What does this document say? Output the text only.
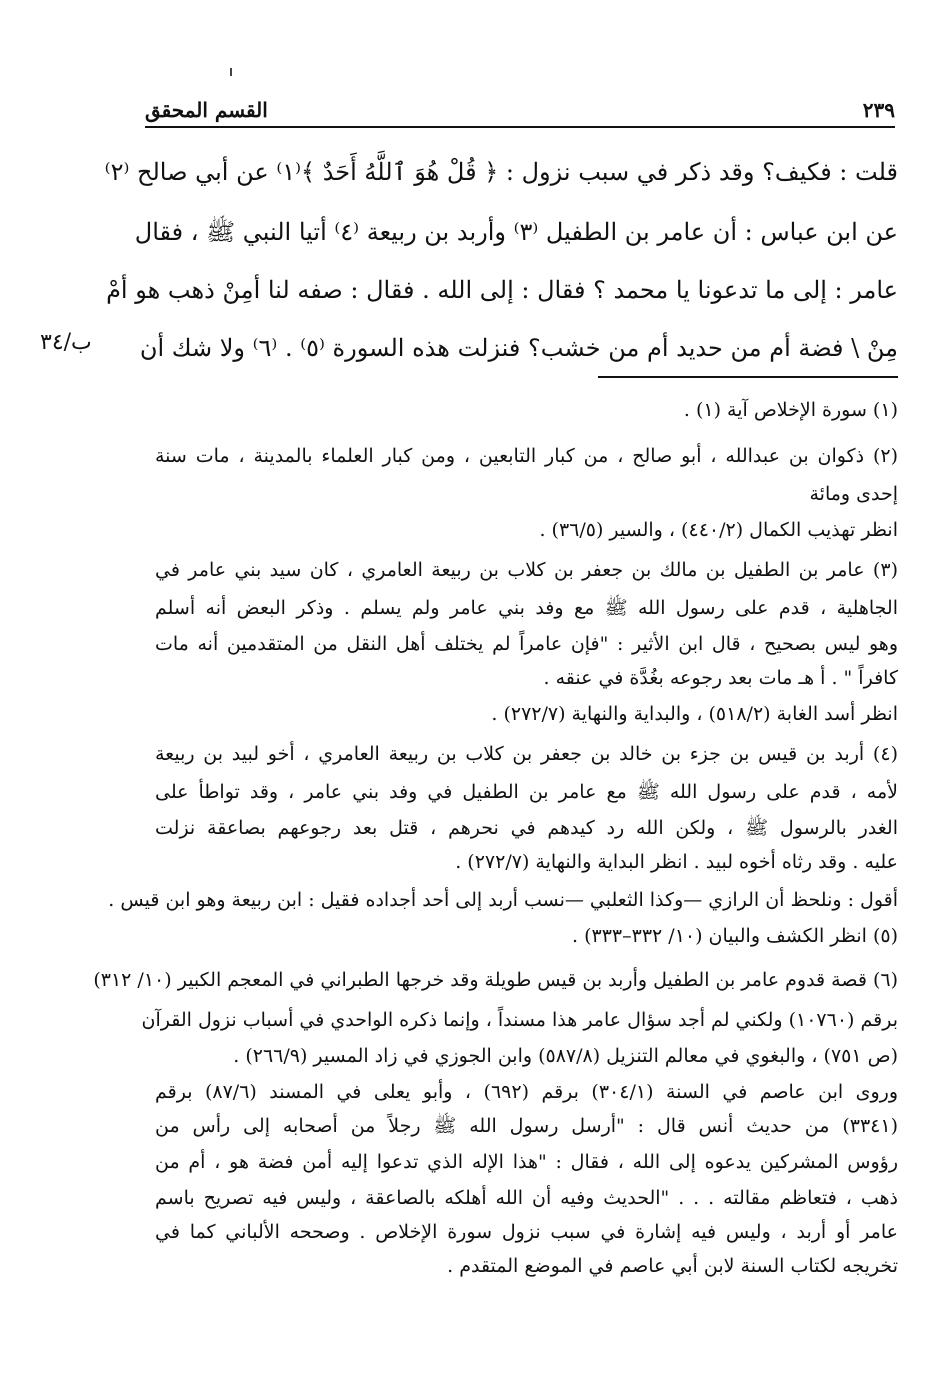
القسم المحقق	٢٣٩
قلت : فكيف؟ وقد ذكر في سبب نزول : ﴿ قُلْ هُوَ ٱللَّهُ أَحَدٌ ﴾⁽١⁾ عن أبي صالح ⁽٢⁾
عن ابن عباس : أن عامر بن الطفيل ⁽٣⁾ وأربد بن ربيعة ⁽٤⁾ أتيا النبي ﷺ ، فقال
عامر : إلى ما تدعونا يا محمد ؟ فقال : إلى الله . فقال : صفه لنا أمِنْ ذهب هو أمْ
مِنْ \ فضة أم من حديد أم من خشب؟ فنزلت هذه السورة ⁽٥⁾ . ⁽٦⁾ ولا شك أن
ب/٣٤
(١) سورة الإخلاص آية (١) .
(٢) ذكوان بن عبدالله ، أبو صالح ، من كبار التابعين ، ومن كبار العلماء بالمدينة ، مات سنة
إحدى ومائة
انظر تهذيب الكمال (٤٤٠/٢) ، والسير (٣٦/٥) .
(٣) عامر بن الطفيل بن مالك بن جعفر بن كلاب بن ربيعة العامري ، كان سيد بني عامر في
الجاهلية ، قدم على رسول الله ﷺ مع وفد بني عامر ولم يسلم . وذكر البعض أنه أسلم
وهو ليس بصحيح ، قال ابن الأثير : "فإن عامراً لم يختلف أهل النقل من المتقدمين أنه مات
كافراً " . أ هـ مات بعد رجوعه بغُدَّة في عنقه .
انظر أسد الغابة (٥١٨/٢) ، والبداية والنهاية (٢٧٢/٧) .
(٤) أربد بن قيس بن جزء بن خالد بن جعفر بن كلاب بن ربيعة العامري ، أخو لبيد بن ربيعة
لأمه ، قدم على رسول الله ﷺ مع عامر بن الطفيل في وفد بني عامر ، وقد تواطأ على
الغدر بالرسول ﷺ ، ولكن الله رد كيدهم في نحرهم ، قتل بعد رجوعهم بصاعقة نزلت
عليه . وقد رثاه أخوه لبيد . انظر البداية والنهاية (٢٧٢/٧) .
أقول : ونلحظ أن الرازي —وكذا الثعلبي —نسب أربد إلى أحد أجداده فقيل : ابن ربيعة وهو ابن قيس .
(٥) انظر الكشف والبيان (١٠/ ٣٣٢–٣٣٣) .
(٦) قصة قدوم عامر بن الطفيل وأربد بن قيس طويلة وقد خرجها الطبراني في المعجم الكبير (١٠/ ٣١٢)
برقم (١٠٧٦٠) ولكني لم أجد سؤال عامر هذا مسنداً ، وإنما ذكره الواحدي في أسباب نزول القرآن
(ص ٧٥١) ، والبغوي في معالم التنزيل (٥٨٧/٨) وابن الجوزي في زاد المسير (٢٦٦/٩) .
وروى ابن عاصم في السنة (٣٠٤/١) برقم (٦٩٢) ، وأبو يعلى في المسند (٨٧/٦) برقم
(٣٣٤١) من حديث أنس قال : "أرسل رسول الله ﷺ رجلاً من أصحابه إلى رأس من
رؤوس المشركين يدعوه إلى الله ، فقال : "هذا الإله الذي تدعوا إليه أمن فضة هو ، أم من
ذهب ، فتعاظم مقالته . . . "الحديث وفيه أن الله أهلكه بالصاعقة ، وليس فيه تصريح باسم
عامر أو أربد ، وليس فيه إشارة في سبب نزول سورة الإخلاص . وصححه الألباني كما في
تخريجه لكتاب السنة لابن أبي عاصم في الموضع المتقدم .
